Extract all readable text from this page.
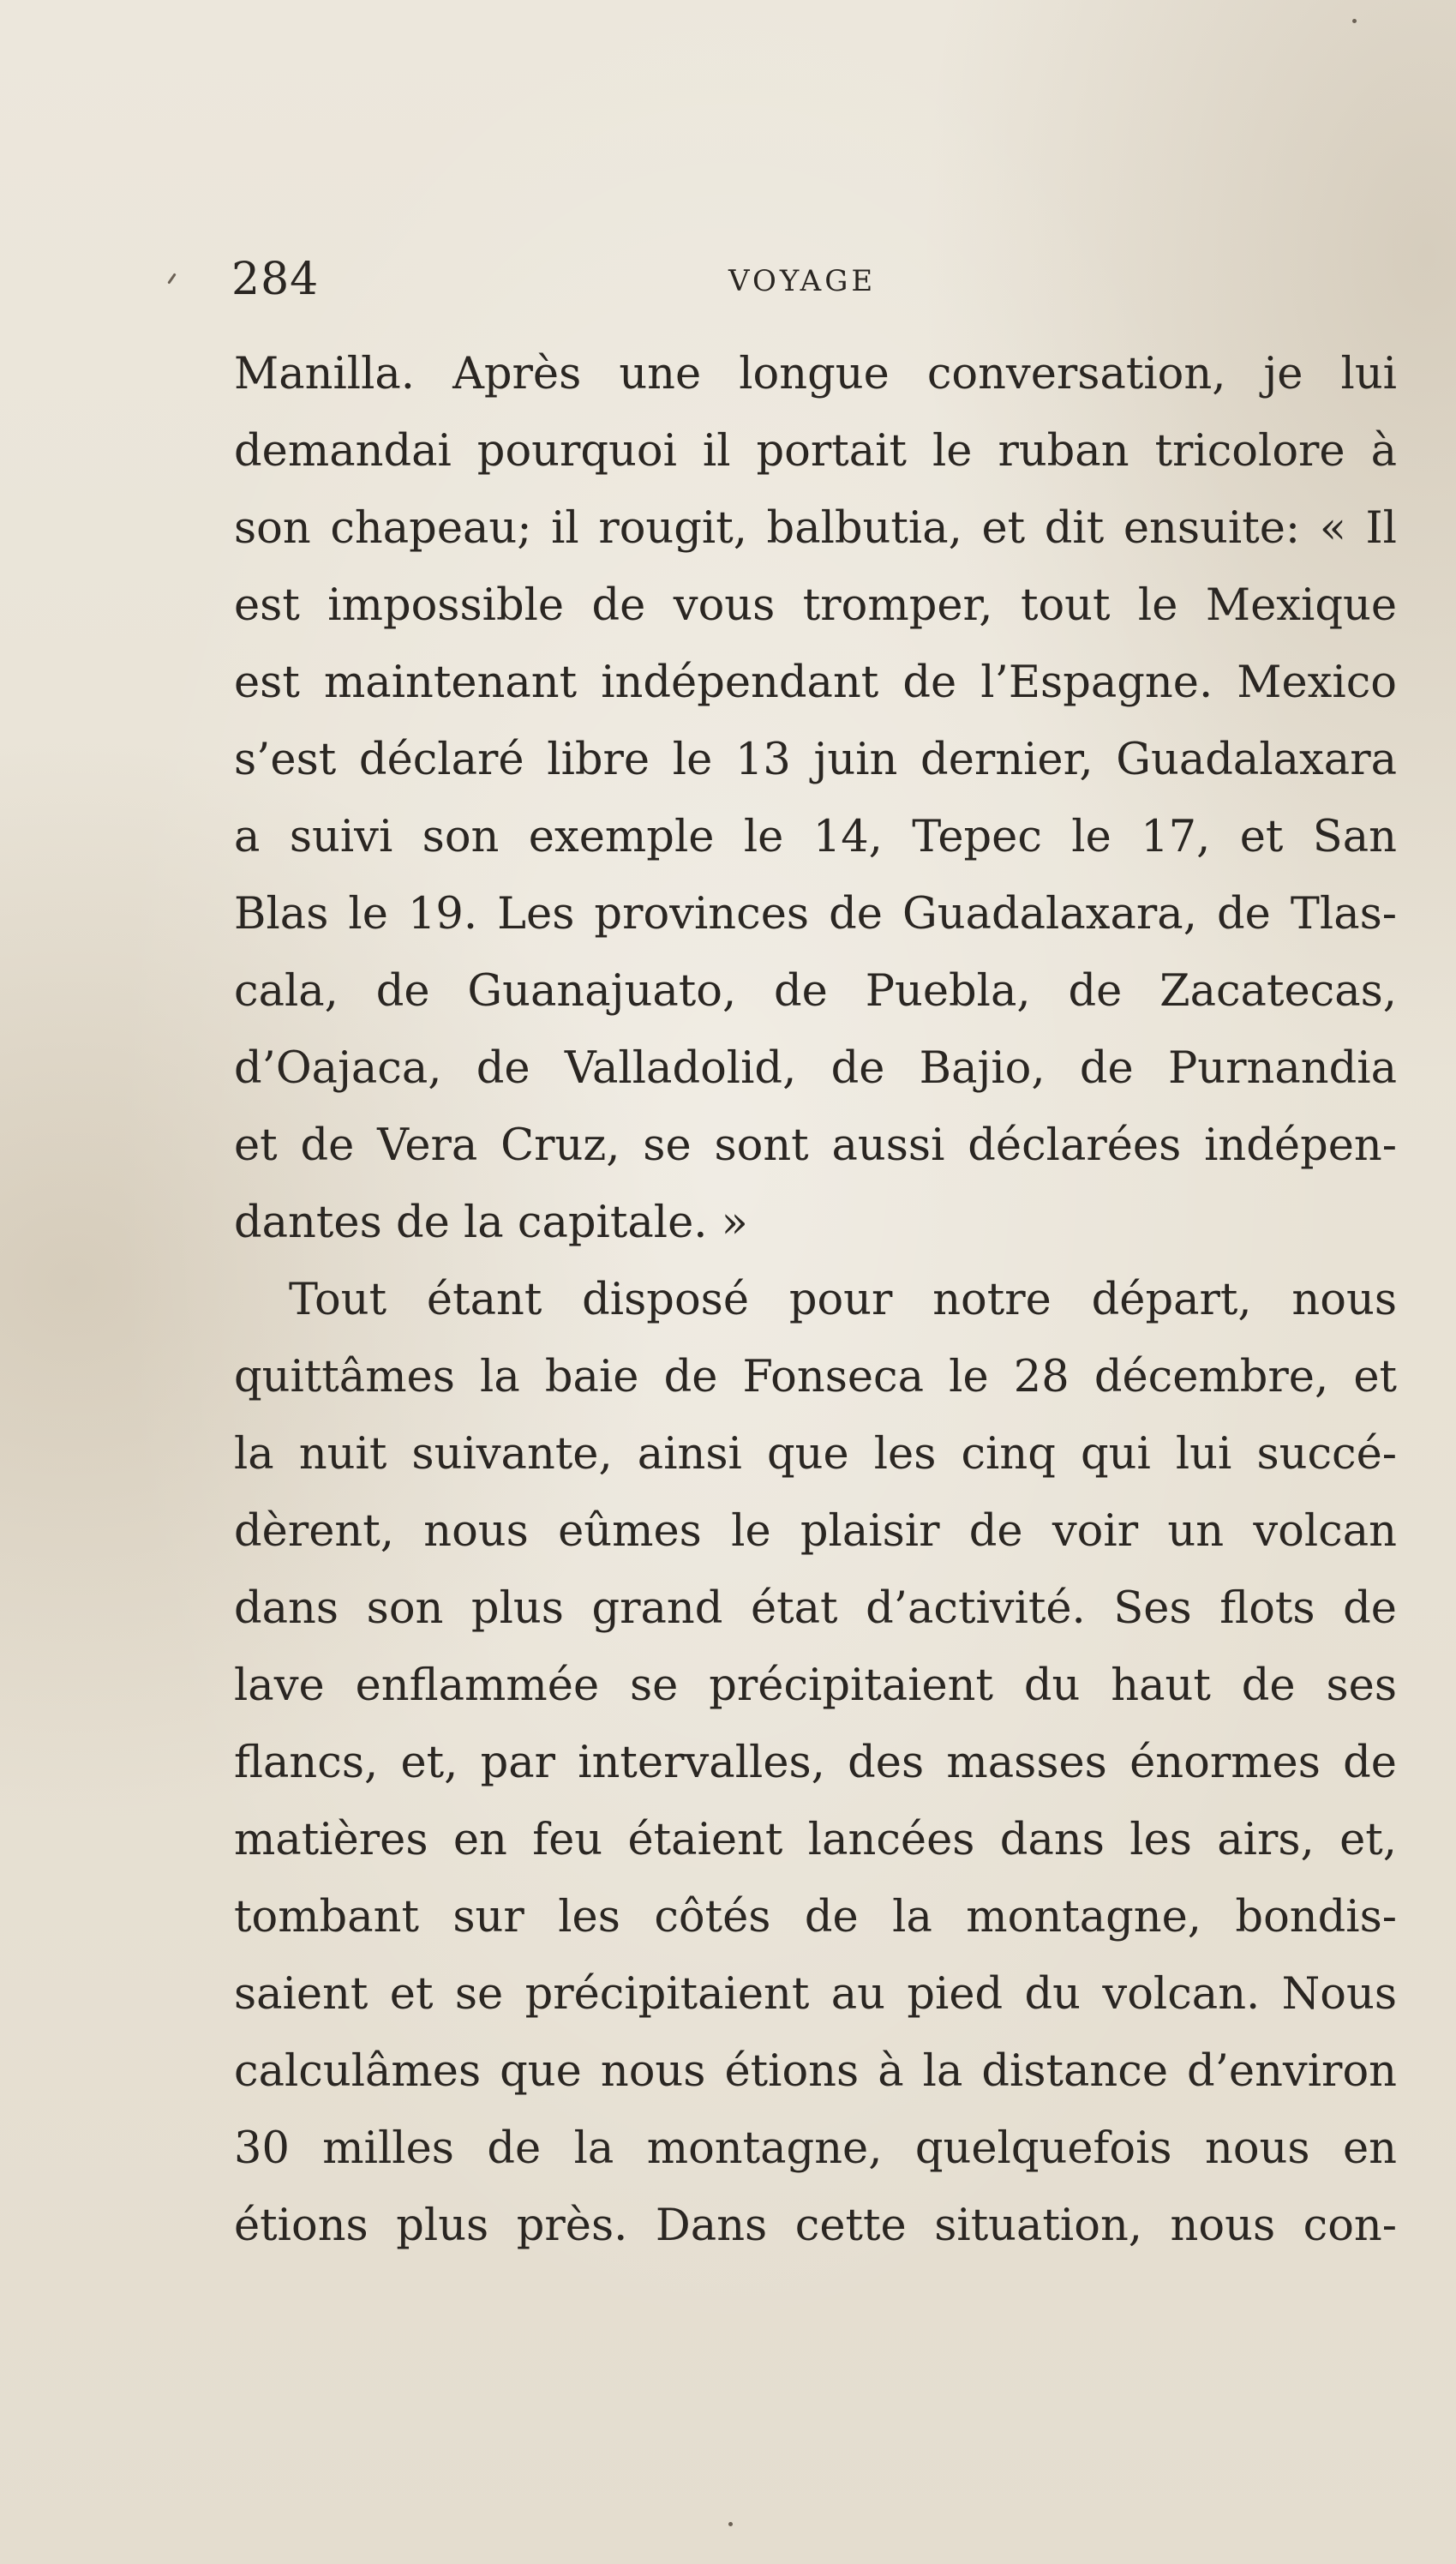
284	VOYAGE
Manilla. Après une longue conversation, je lui
demandai pourquoi il portait le ruban tricolore à
son chapeau; il rougit, balbutia, et dit ensuite: « Il
est impossible de vous tromper, tout le Mexique
est maintenant indépendant de l’Espagne. Mexico
s’est déclaré libre le 13 juin dernier, Guadalaxara
a suivi son exemple le 14, Tepec le 17, et San
Blas le 19. Les provinces de Guadalaxara, de Tlas-
cala, de Guanajuato, de Puebla, de Zacatecas,
d’Oajaca, de Valladolid, de Bajio, de Purnandia
et de Vera Cruz, se sont aussi déclarées indépen-
dantes de la capitale. »
Tout étant disposé pour notre départ, nous
quittâmes la baie de Fonseca le 28 décembre, et
la nuit suivante, ainsi que les cinq qui lui succé-
dèrent, nous eûmes le plaisir de voir un volcan
dans son plus grand état d’activité. Ses flots de
lave enflammée se précipitaient du haut de ses
flancs, et, par intervalles, des masses énormes de
matières en feu étaient lancées dans les airs, et,
tombant sur les côtés de la montagne, bondis-
saient et se précipitaient au pied du volcan. Nous
calculâmes que nous étions à la distance d’environ
30 milles de la montagne, quelquefois nous en
étions plus près. Dans cette situation, nous con-
